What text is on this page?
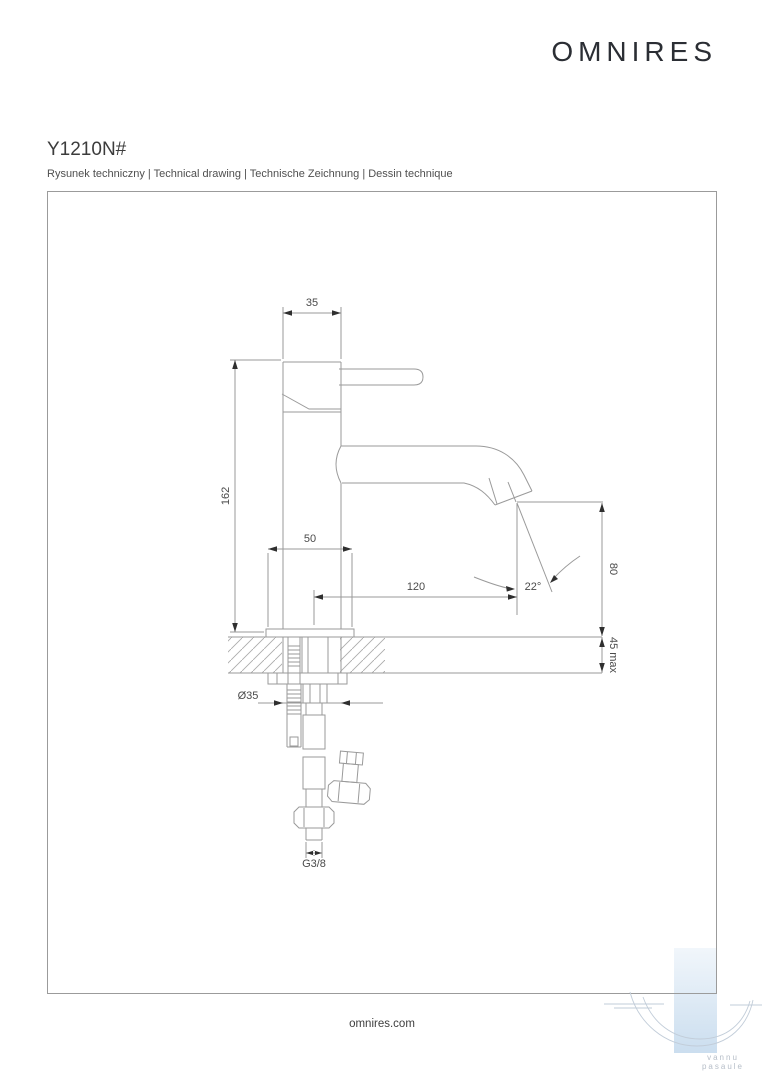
OMNIRES
Y1210N#
Rysunek techniczny | Technical drawing | Technische Zeichnung | Dessin technique
35
162
50
120	22°
80
45 max
Ø35
G3/8
vannu
pasaule
omnires.com
